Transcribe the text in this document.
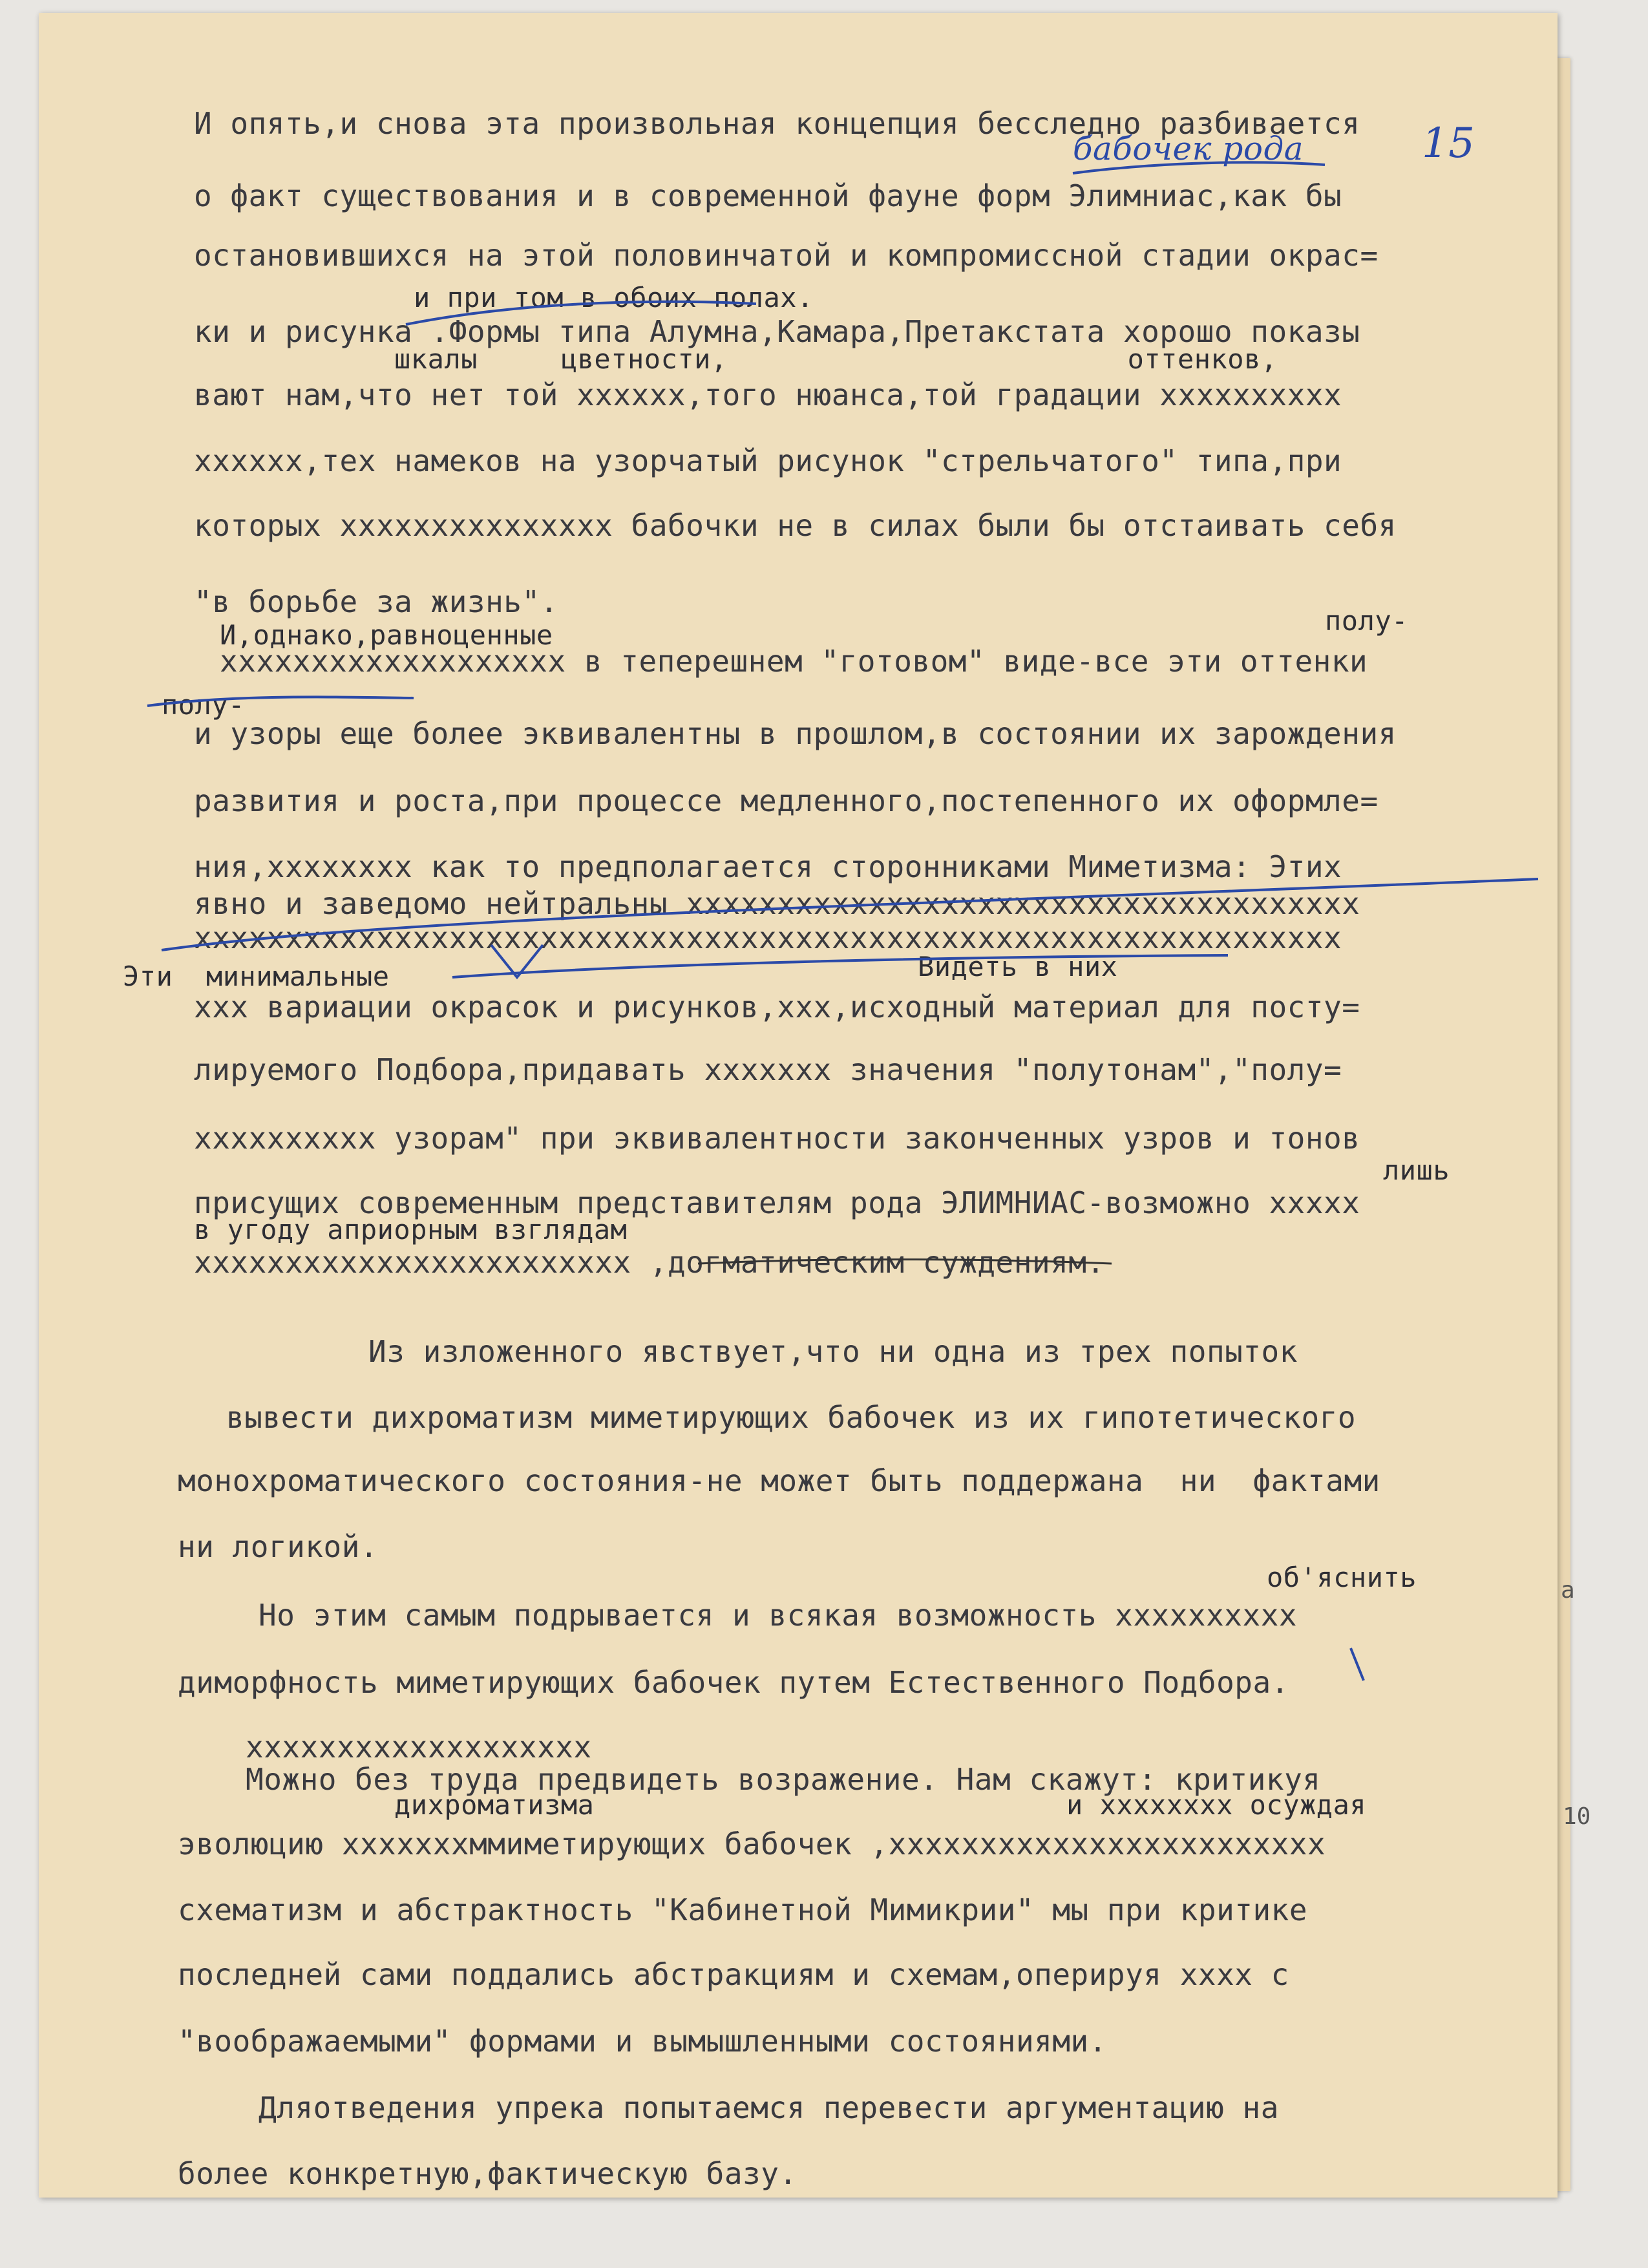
И опять,и снова эта произвольная концепция бесследно разбивается
о факт существования и в современной фауне форм Элимниас,как бы
остановившихся на этой половинчатой и компромиссной стадии окрас=
и при том в обоих полах.
ки и рисунка .Формы типа Алумна,Камара,Претакстата хорошо показы
шкалы     цветности,                        оттенков,
вают нам,что нет той хххххх,того нюанса,той градации хххххххххх
хххххх,тех намеков на узорчатый рисунок "стрельчатого" типа,при
которых ххххххххххххххх бабочки не в силах были бы отстаивать себя
"в борьбе за жизнь".
полу-
И,однако,равноценные
ххххххххххххххххххх в теперешнем "готовом" виде-все эти оттенки
полу-
и узоры еще более эквивалентны в прошлом,в состоянии их зарождения
развития и роста,при процессе медленного,постепенного их оформле=
ния,хххххххх как то предполагается сторонниками Миметизма: Этих
явно и заведомо нейтральны ххххххххххххххххххххххххххххххххххххх
ххххххххххххххххххххххххххххххххххххххххххххххххххххххххххххххх
Видеть в них
Эти  минимальные
ххх вариации окрасок и рисунков,ххх,исходный материал для посту=
лируемого Подбора,придавать ххххххх значения "полутонам","полу=
хххххххххх узорам" при эквивалентности законченных узров и тонов
лишь
присущих современным представителям рода ЭЛИМНИАС-возможно ххххх
в угоду априорным взглядам
хххххххххххххххххххххххх ,догматическим суждениям.
Из изложенного явствует,что ни одна из трех попыток
вывести дихроматизм миметирующих бабочек из их гипотетического
монохроматического состояния-не может быть поддержана  ни  фактами
ни логикой.
об'яснить
Но этим самым подрывается и всякая возможность хххххххххх
диморфность миметирующих бабочек путем Естественного Подбора.
ххххххххххххххххххх
Можно без труда предвидеть возражение. Нам скажут: критикуя
дихроматизма	и хххххххх осуждая
эволюцию хххххххммиметирующих бабочек ,хххххххххххххххххххххххх
схематизм и абстрактность "Кабинетной Мимикрии" мы при критике
последней сами поддались абстракциям и схемам,оперируя хххх с
"воображаемыми" формами и вымышленными состояниями.
Дляотведения упрека попытаемся перевести аргументацию на
более конкретную,фактическую базу.
бабочек рода	15
а
10
